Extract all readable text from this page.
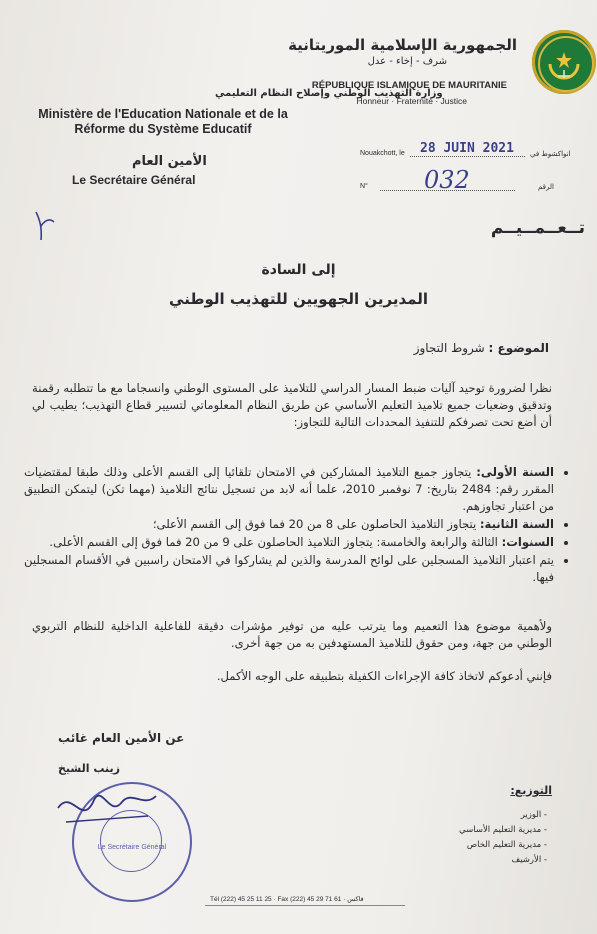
الجمهورية الإسلامية الموريتانية
شرف - إخاء - عدل
RÉPUBLIQUE ISLAMIQUE DE MAURITANIE
Honneur · Fraternité · Justice
وزارة التهذيب الوطني وإصلاح النظام التعليمي
Ministère de l'Education Nationale et de la Réforme du Système Educatif
الأمين العام
Le Secrétaire Général
Nouakchott, le 28 JUIN 2021 انواكشوط في
N° 032	الرقم
تــعــمــيــم
إلى السادة
المديرين الجهويين للتهذيب الوطني
الموضوع : شروط التجاوز
نظرا لضرورة توحيد آليات ضبط المسار الدراسي للتلاميذ على المستوى الوطني وانسجاما مع ما تتطلبه رقمنة وتدقيق وضعيات جميع تلاميذ التعليم الأساسي عن طريق النظام المعلوماتي لتسيير قطاع التهذيب؛ يطيب لي أن أضع تحت تصرفكم للتنفيذ المحددات التالية للتجاوز:
• السنة الأولى: يتجاوز جميع التلاميذ المشاركين في الامتحان تلقائيا إلى القسم الأعلى وذلك طبقا لمقتضيات المقرر رقم: 2484 بتاريخ: 7 نوفمبر 2010، علما أنه لابد من تسجيل نتائج التلاميذ (مهما تكن) ليتمكن التطبيق من اعتبار تجاوزهم.
• السنة الثانية: يتجاوز التلاميذ الحاصلون على 8 من 20 فما فوق إلى القسم الأعلى؛
• السنوات: الثالثة والرابعة والخامسة: يتجاوز التلاميذ الحاصلون على 9 من 20 فما فوق إلى القسم الأعلى.
• يتم اعتبار التلاميذ المسجلين على لوائح المدرسة والذين لم يشاركوا في الامتحان راسبين في الأقسام المسجلين فيها.
ولأهمية موضوع هذا التعميم وما يترتب عليه من توفير مؤشرات دقيقة للفاعلية الداخلية للنظام التربوي الوطني من جهة، ومن حقوق للتلاميذ المستهدفين به من جهة أخرى.
فإنني أدعوكم لاتخاذ كافة الإجراءات الكفيلة بتطبيقه على الوجه الأكمل.
عن الأمين العام غائب
زينب الشيخ
Le Secrétaire Général
التوزيع:
- الوزير
- مديرية التعليم الأساسي
- مديرية التعليم الخاص
- الأرشيف
Tél (222) 45 25 11 25 · Fax (222) 45 29 71 61 · فاكس
